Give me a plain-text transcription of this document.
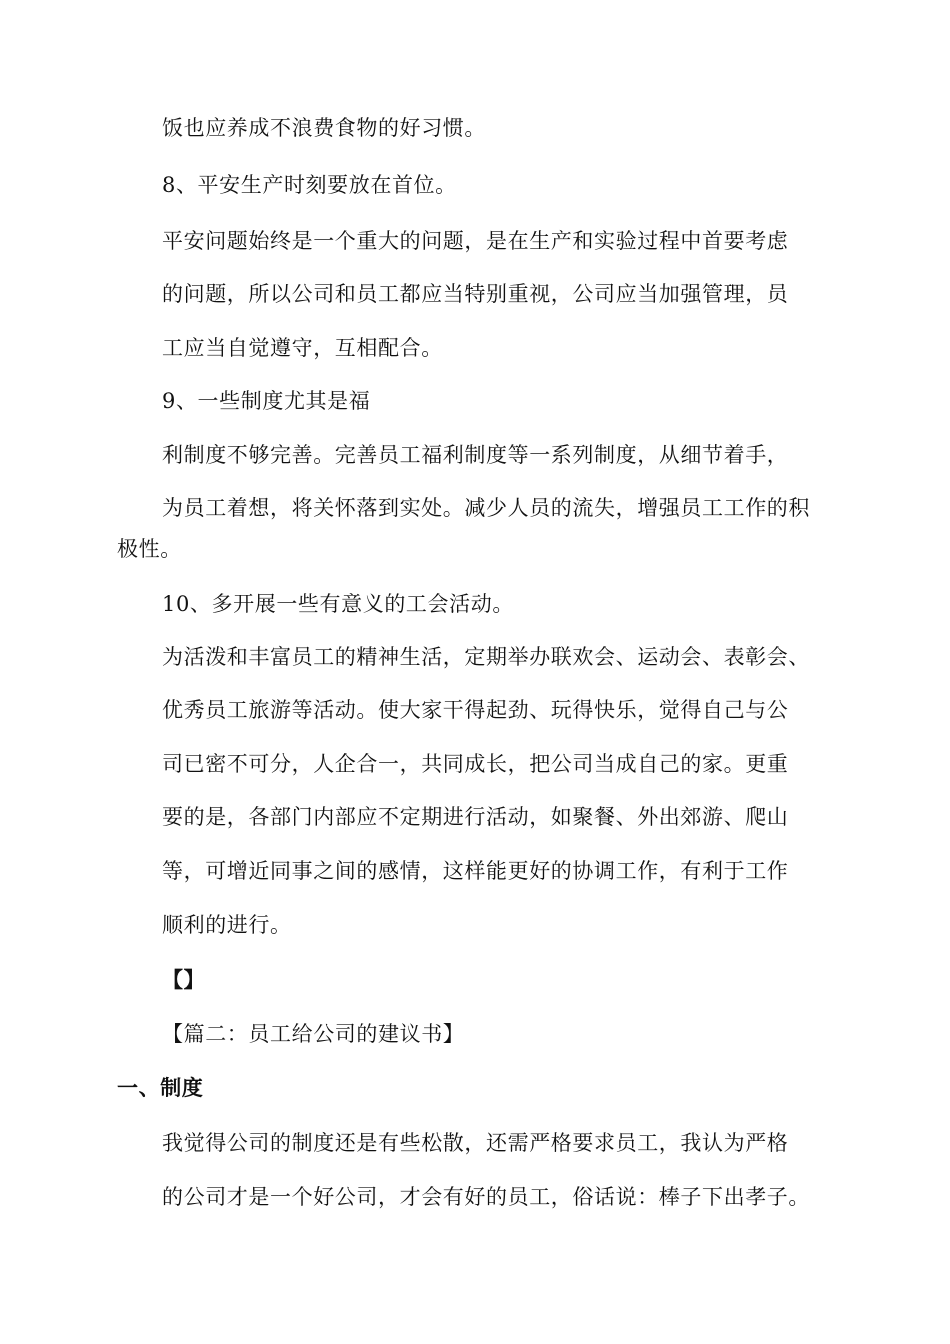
饭也应养成不浪费食物的好习惯。
8、平安生产时刻要放在首位。
平安问题始终是一个重大的问题，是在生产和实验过程中首要考虑
的问题，所以公司和员工都应当特别重视，公司应当加强管理，员
工应当自觉遵守，互相配合。
9、一些制度尤其是福
利制度不够完善。完善员工福利制度等一系列制度，从细节着手，
为员工着想，将关怀落到实处。减少人员的流失，增强员工工作的积
极性。
10、多开展一些有意义的工会活动。
为活泼和丰富员工的精神生活，定期举办联欢会、运动会、表彰会、
优秀员工旅游等活动。使大家干得起劲、玩得快乐，觉得自己与公
司已密不可分，人企合一，共同成长，把公司当成自己的家。更重
要的是，各部门内部应不定期进行活动，如聚餐、外出郊游、爬山
等，可增近同事之间的感情，这样能更好的协调工作，有利于工作
顺利的进行。
【】
【篇二：员工给公司的建议书】
一、制度
我觉得公司的制度还是有些松散，还需严格要求员工，我认为严格
的公司才是一个好公司，才会有好的员工，俗话说：棒子下出孝子。
